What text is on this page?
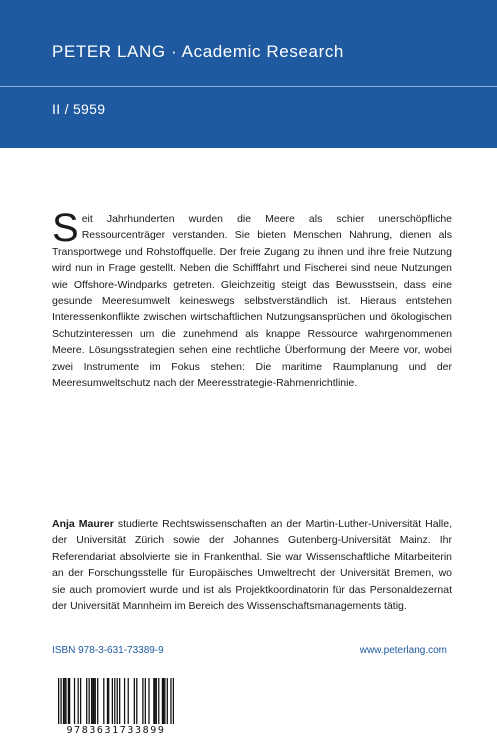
PETER LANG · Academic Research
II / 5959
Seit Jahrhunderten wurden die Meere als schier unerschöpfliche Ressourcenträger verstanden. Sie bieten Menschen Nahrung, dienen als Transportwege und Rohstoffquelle. Der freie Zugang zu ihnen und ihre freie Nutzung wird nun in Frage gestellt. Neben die Schifffahrt und Fischerei sind neue Nutzungen wie Offshore-Windparks getreten. Gleichzeitig steigt das Bewusstsein, dass eine gesunde Meeresumwelt keineswegs selbstverständlich ist. Hieraus entstehen Interessenkonflikte zwischen wirtschaftlichen Nutzungsansprüchen und ökologischen Schutzinteressen um die zunehmend als knappe Ressource wahrgenommenen Meere. Lösungsstrategien sehen eine rechtliche Überformung der Meere vor, wobei zwei Instrumente im Fokus stehen: Die maritime Raumplanung und der Meeresumweltschutz nach der Meeresstrategie-Rahmenrichtlinie.
Anja Maurer studierte Rechtswissenschaften an der Martin-Luther-Universität Halle, der Universität Zürich sowie der Johannes Gutenberg-Universität Mainz. Ihr Referendariat absolvierte sie in Frankenthal. Sie war Wissenschaftliche Mitarbeiterin an der Forschungsstelle für Europäisches Umweltrecht der Universität Bremen, wo sie auch promoviert wurde und ist als Projektkoordinatorin für das Personaldezernat der Universität Mannheim im Bereich des Wissenschaftsmanagements tätig.
ISBN 978-3-631-73389-9	www.peterlang.com
9783631733899
